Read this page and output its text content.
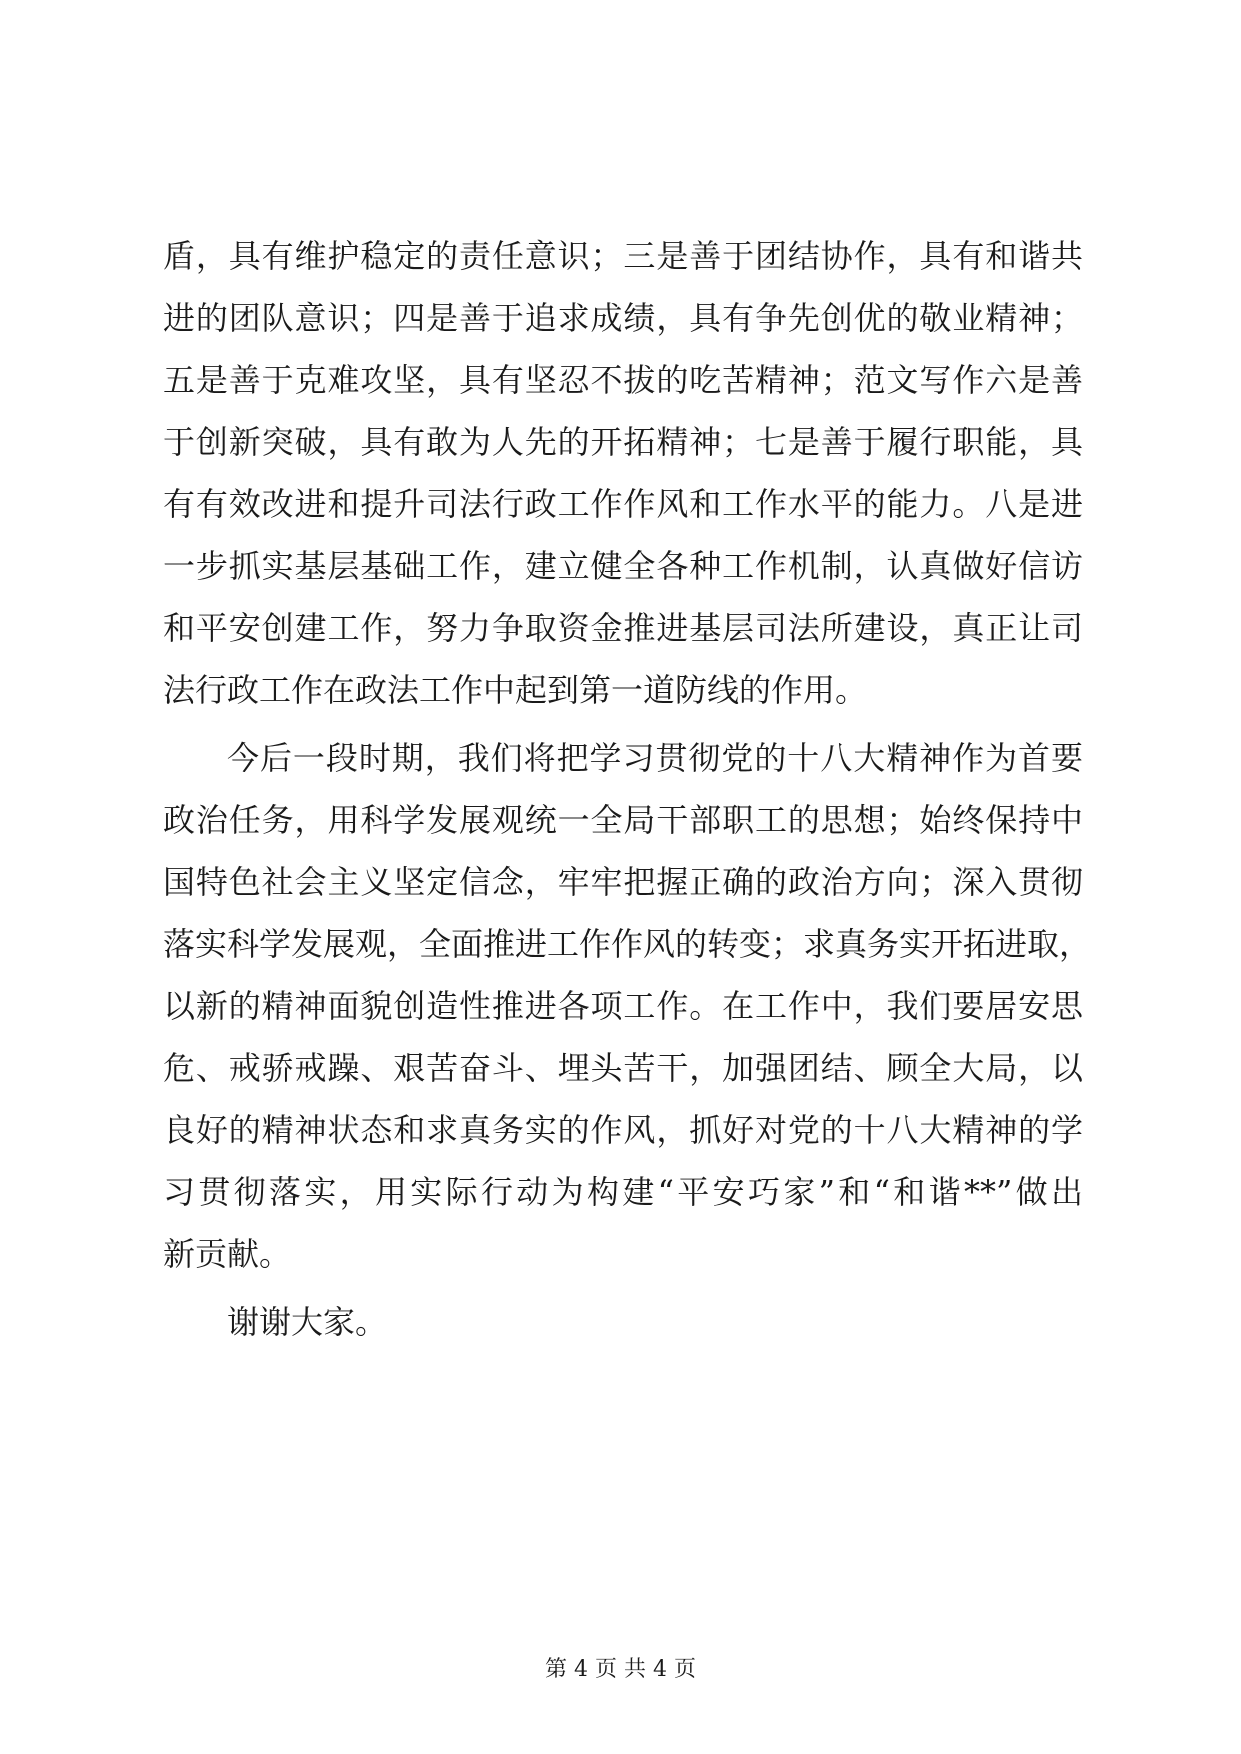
盾，具有维护稳定的责任意识；三是善于团结协作，具有和谐共
进的团队意识；四是善于追求成绩，具有争先创优的敬业精神；
五是善于克难攻坚，具有坚忍不拔的吃苦精神；范文写作六是善
于创新突破，具有敢为人先的开拓精神；七是善于履行职能，具
有有效改进和提升司法行政工作作风和工作水平的能力。八是进
一步抓实基层基础工作，建立健全各种工作机制，认真做好信访
和平安创建工作，努力争取资金推进基层司法所建设，真正让司
法行政工作在政法工作中起到第一道防线的作用。
今后一段时期，我们将把学习贯彻党的十八大精神作为首要
政治任务，用科学发展观统一全局干部职工的思想；始终保持中
国特色社会主义坚定信念，牢牢把握正确的政治方向；深入贯彻
落实科学发展观，全面推进工作作风的转变；求真务实开拓进取，
以新的精神面貌创造性推进各项工作。在工作中，我们要居安思
危、戒骄戒躁、艰苦奋斗、埋头苦干，加强团结、顾全大局，以
良好的精神状态和求真务实的作风，抓好对党的十八大精神的学
习贯彻落实，用实际行动为构建“平安巧家”和“和谐**”做出
新贡献。
谢谢大家。
第 4 页 共 4 页
